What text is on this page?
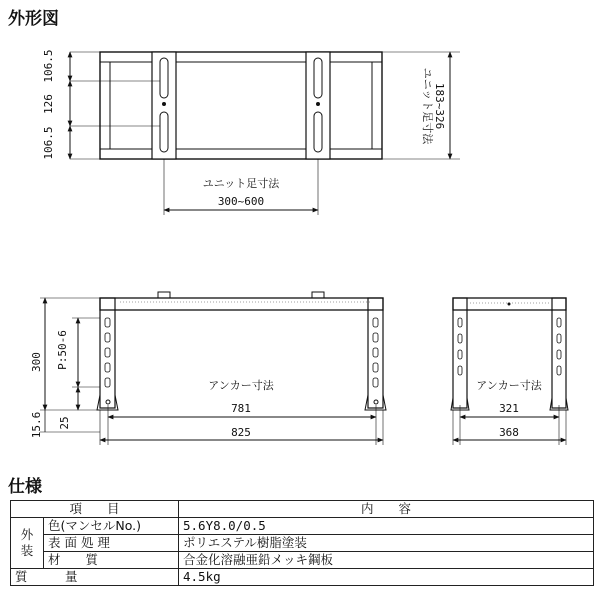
外形図
仕様
106.5
126
106.5	ユニット足寸法 183~326
ユニット足寸法
300~600
300 P:50-6
25
15.6
アンカー寸法
781
825
アンカー寸法
321
368
項　　目		内　　容
外装	色(マンセルNo.)	5.6Y8.0/0.5
	表 面 処 理	ポリエステル樹脂塗装
	材　　質	合金化溶融亜鉛メッキ鋼板
質　　　量		4.5kg
